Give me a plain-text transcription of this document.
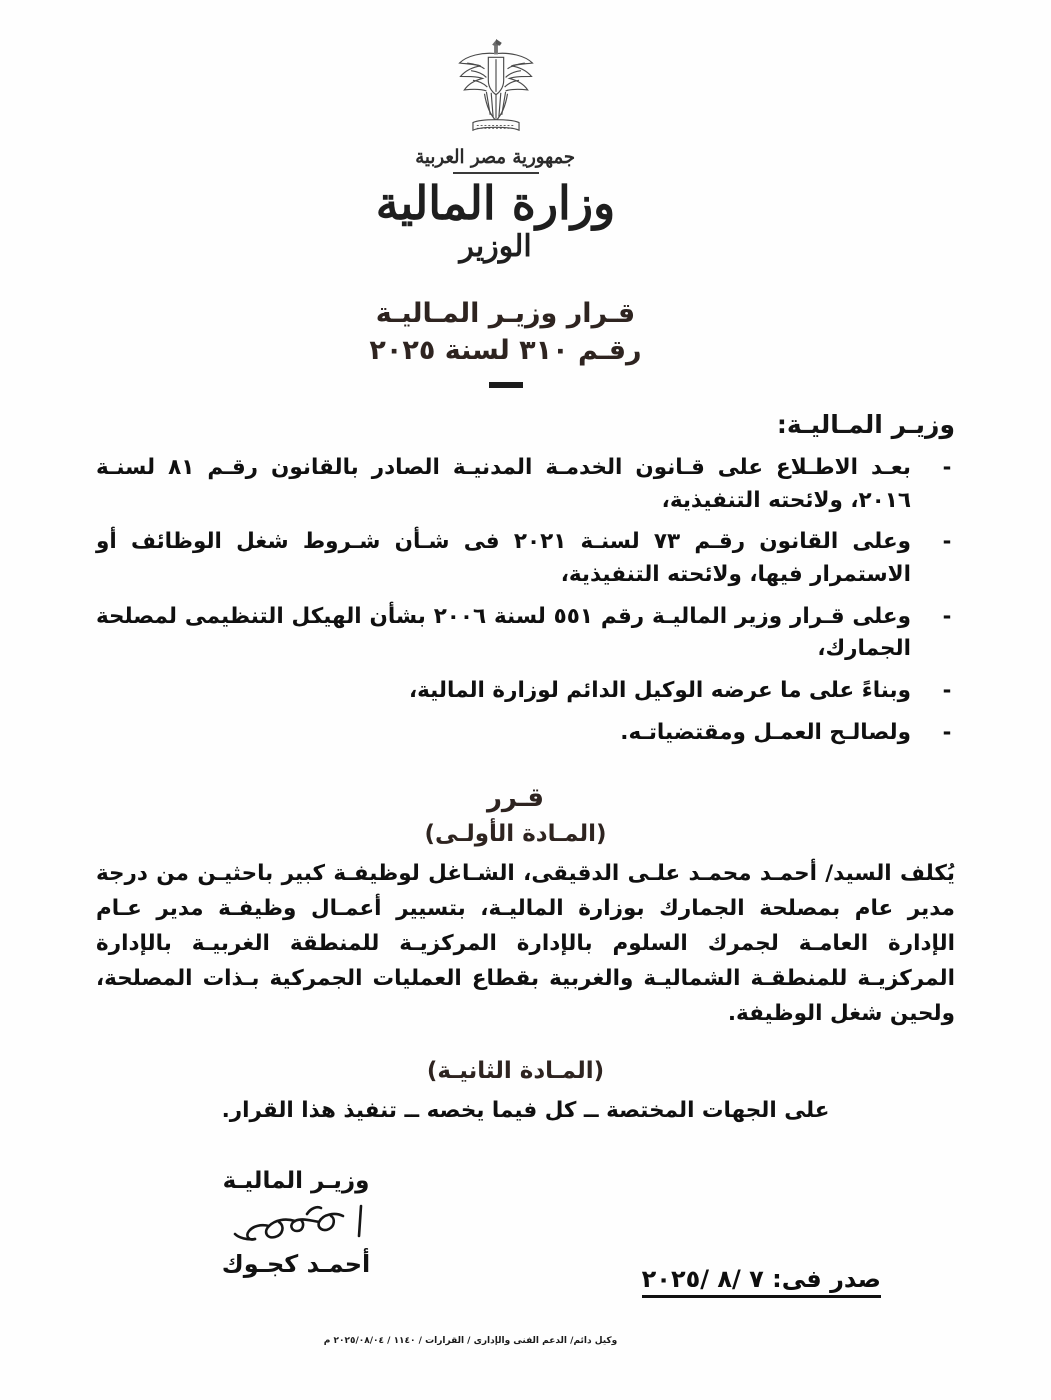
جمهورية مصر العربية
وزارة المالية
الوزير
قـرار وزيـر المـاليـة
رقـم ٣١٠ لسنة ٢٠٢٥
وزيـر المـاليـة:
-
بعـد الاطـلاع على قـانون الخدمـة المدنيـة الصادر بالقانون رقـم ٨١ لسنـة ٢٠١٦، ولائحته التنفيذية،
-
وعلى القانون رقـم ٧٣ لسنـة ٢٠٢١ فى شـأن شـروط شغل الوظائف أو الاستمرار فيها، ولائحته التنفيذية،
-
وعلى قـرار وزير الماليـة رقم ٥٥١ لسنة ٢٠٠٦ بشأن الهيكل التنظيمى لمصلحة الجمارك،
-
وبناءً على ما عرضه الوكيل الدائم لوزارة المالية،
-
ولصالـح العمـل ومقتضياتـه.
قـرر
(المـادة الأولـى)
يُكلف السيد/ أحمـد محمـد علـى الدقيقى، الشـاغل لوظيفـة كبير باحثيـن من درجة مدير عام بمصلحة الجمارك بوزارة الماليـة، بتسيير أعمـال وظيفـة مدير عـام الإدارة العامـة لجمرك السلوم بالإدارة المركزيـة للمنطقة الغربيـة بالإدارة المركزيـة للمنطقـة الشماليـة والغربية بقطاع العمليات الجمركية بـذات المصلحة، ولحين شغل الوظيفة.
(المـادة الثانيـة)
على الجهات المختصة ــ كل فيما يخصه ــ تنفيذ هذا القرار.
وزيـر الماليـة
أحمـد كجـوك
صدر فى: ٧ /٨ /٢٠٢٥
وكيل دائم/ الدعم الفنى والإدارى / القرارات / ١١٤٠ / ٢٠٢٥/٠٨/٠٤ م
